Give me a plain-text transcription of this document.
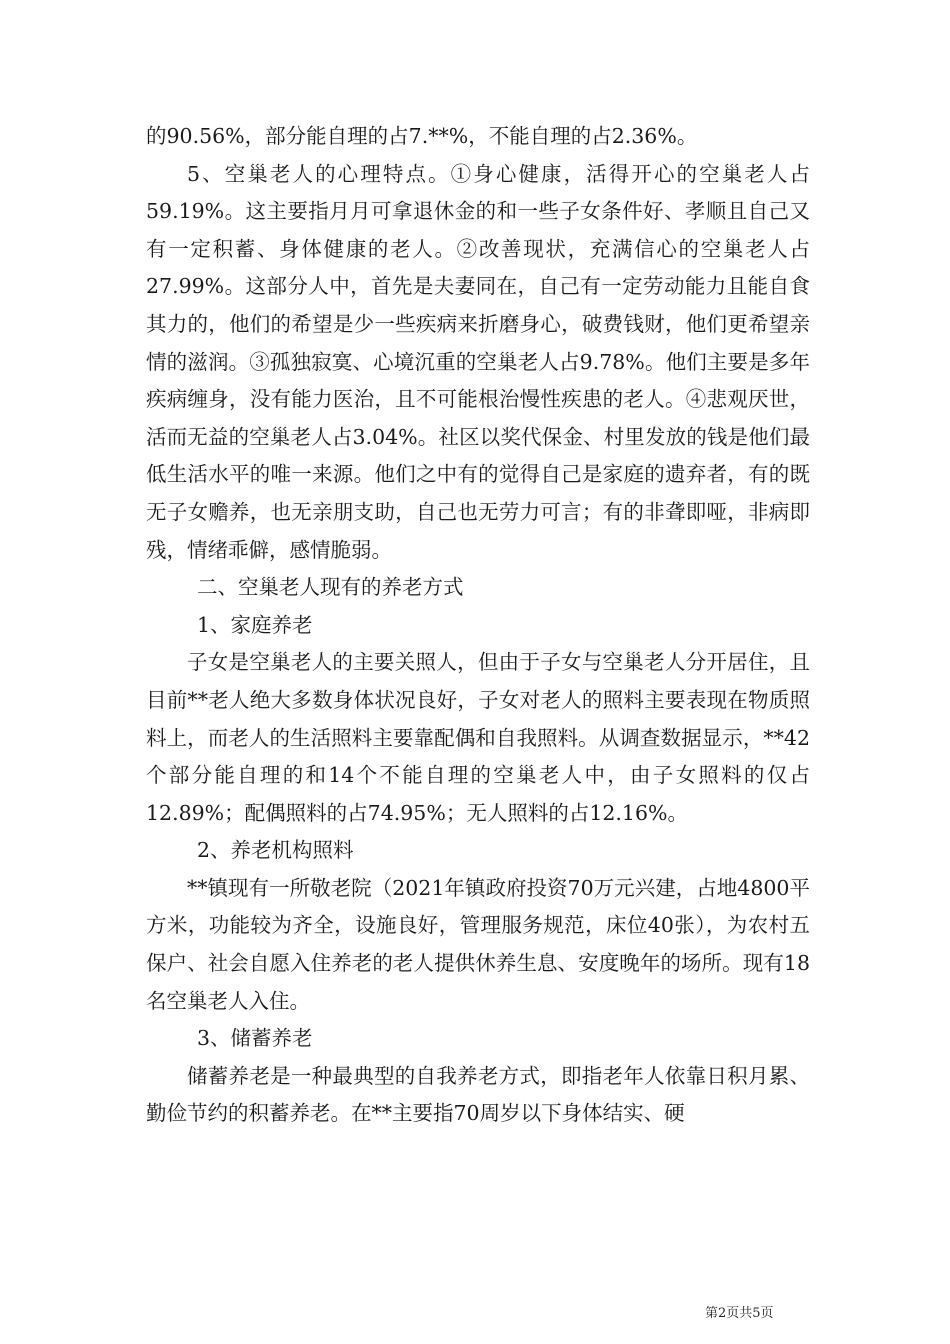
的90.56%，部分能自理的占7.**%，不能自理的占2.36%。

5、空巢老人的心理特点。①身心健康，活得开心的空巢老人占59.19%。这主要指月月可拿退休金的和一些子女条件好、孝顺且自己又有一定积蓄、身体健康的老人。②改善现状，充满信心的空巢老人占27.99%。这部分人中，首先是夫妻同在，自己有一定劳动能力且能自食其力的，他们的希望是少一些疾病来折磨身心，破费钱财，他们更希望亲情的滋润。③孤独寂寞、心境沉重的空巢老人占9.78%。他们主要是多年疾病缠身，没有能力医治，且不可能根治慢性疾患的老人。④悲观厌世，活而无益的空巢老人占3.04%。社区以奖代保金、村里发放的钱是他们最低生活水平的唯一来源。他们之中有的觉得自己是家庭的遗弃者，有的既无子女赡养，也无亲朋支助，自己也无劳力可言；有的非聋即哑，非病即残，情绪乖僻，感情脆弱。

二、空巢老人现有的养老方式

1、家庭养老

子女是空巢老人的主要关照人，但由于子女与空巢老人分开居住，且目前**老人绝大多数身体状况良好，子女对老人的照料主要表现在物质照料上，而老人的生活照料主要靠配偶和自我照料。从调查数据显示，**42个部分能自理的和14个不能自理的空巢老人中，由子女照料的仅占12.89%；配偶照料的占74.95%；无人照料的占12.16%。

2、养老机构照料

**镇现有一所敬老院（2021年镇政府投资70万元兴建，占地4800平方米，功能较为齐全，设施良好，管理服务规范，床位40张），为农村五保户、社会自愿入住养老的老人提供休养生息、安度晚年的场所。现有18名空巢老人入住。

3、储蓄养老

储蓄养老是一种最典型的自我养老方式，即指老年人依靠日积月累、勤俭节约的积蓄养老。在**主要指70周岁以下身体结实、硬

第2页共5页
